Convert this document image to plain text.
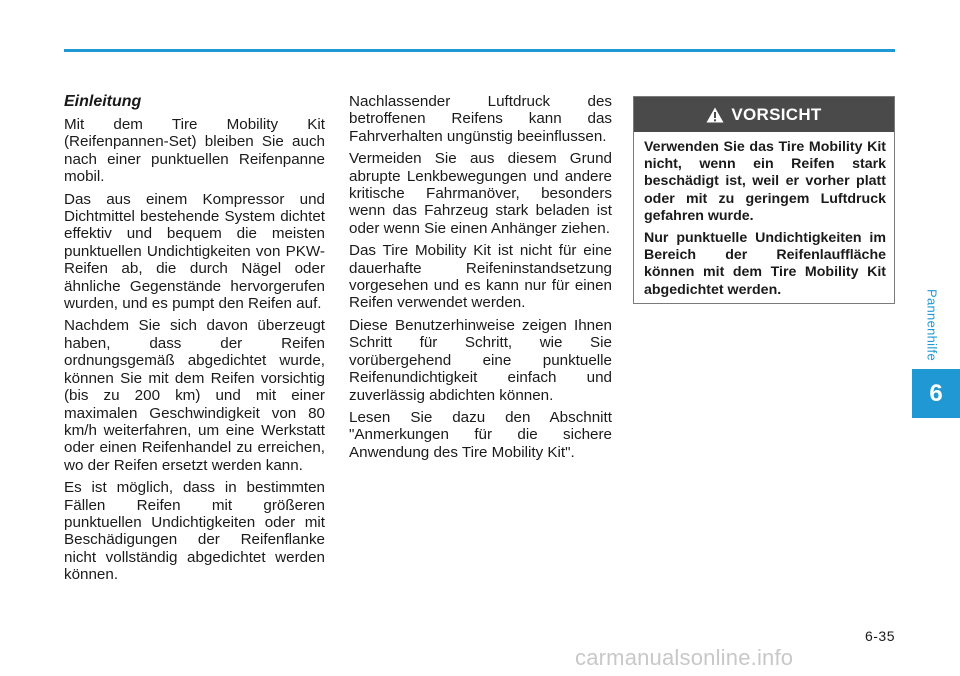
Einleitung

Mit dem Tire Mobility Kit (Reifenpannen-Set) bleiben Sie auch nach einer punktuellen Reifenpanne mobil.

Das aus einem Kompressor und Dichtmittel bestehende System dichtet effektiv und bequem die meisten punktuellen Undichtigkeiten von PKW-Reifen ab, die durch Nägel oder ähnliche Gegenstände hervorgerufen wurden, und es pumpt den Reifen auf.

Nachdem Sie sich davon überzeugt haben, dass der Reifen ordnungsgemäß abgedichtet wurde, können Sie mit dem Reifen vorsichtig (bis zu 200 km) und mit einer maximalen Geschwindigkeit von 80 km/h weiterfahren, um eine Werkstatt oder einen Reifenhandel zu erreichen, wo der Reifen ersetzt werden kann.

Es ist möglich, dass in bestimmten Fällen Reifen mit größeren punktuellen Undichtigkeiten oder mit Beschädigungen der Reifenflanke nicht vollständig abgedichtet werden können.

Nachlassender Luftdruck des betroffenen Reifens kann das Fahrverhalten ungünstig beeinflussen.

Vermeiden Sie aus diesem Grund abrupte Lenkbewegungen und andere kritische Fahrmanöver, besonders wenn das Fahrzeug stark beladen ist oder wenn Sie einen Anhänger ziehen.

Das Tire Mobility Kit ist nicht für eine dauerhafte Reifeninstandsetzung vorgesehen und es kann nur für einen Reifen verwendet werden.

Diese Benutzerhinweise zeigen Ihnen Schritt für Schritt, wie Sie vorübergehend eine punktuelle Reifenundichtigkeit einfach und zuverlässig abdichten können.

Lesen Sie dazu den Abschnitt "Anmerkungen für die sichere Anwendung des Tire Mobility Kit".

VORSICHT

Verwenden Sie das Tire Mobility Kit nicht, wenn ein Reifen stark beschädigt ist, weil er vorher platt oder mit zu geringem Luftdruck gefahren wurde.

Nur punktuelle Undichtigkeiten im Bereich der Reifenlauffläche können mit dem Tire Mobility Kit abgedichtet werden.	Pannenhilfe
6
6-35
carmanualsonline.info
